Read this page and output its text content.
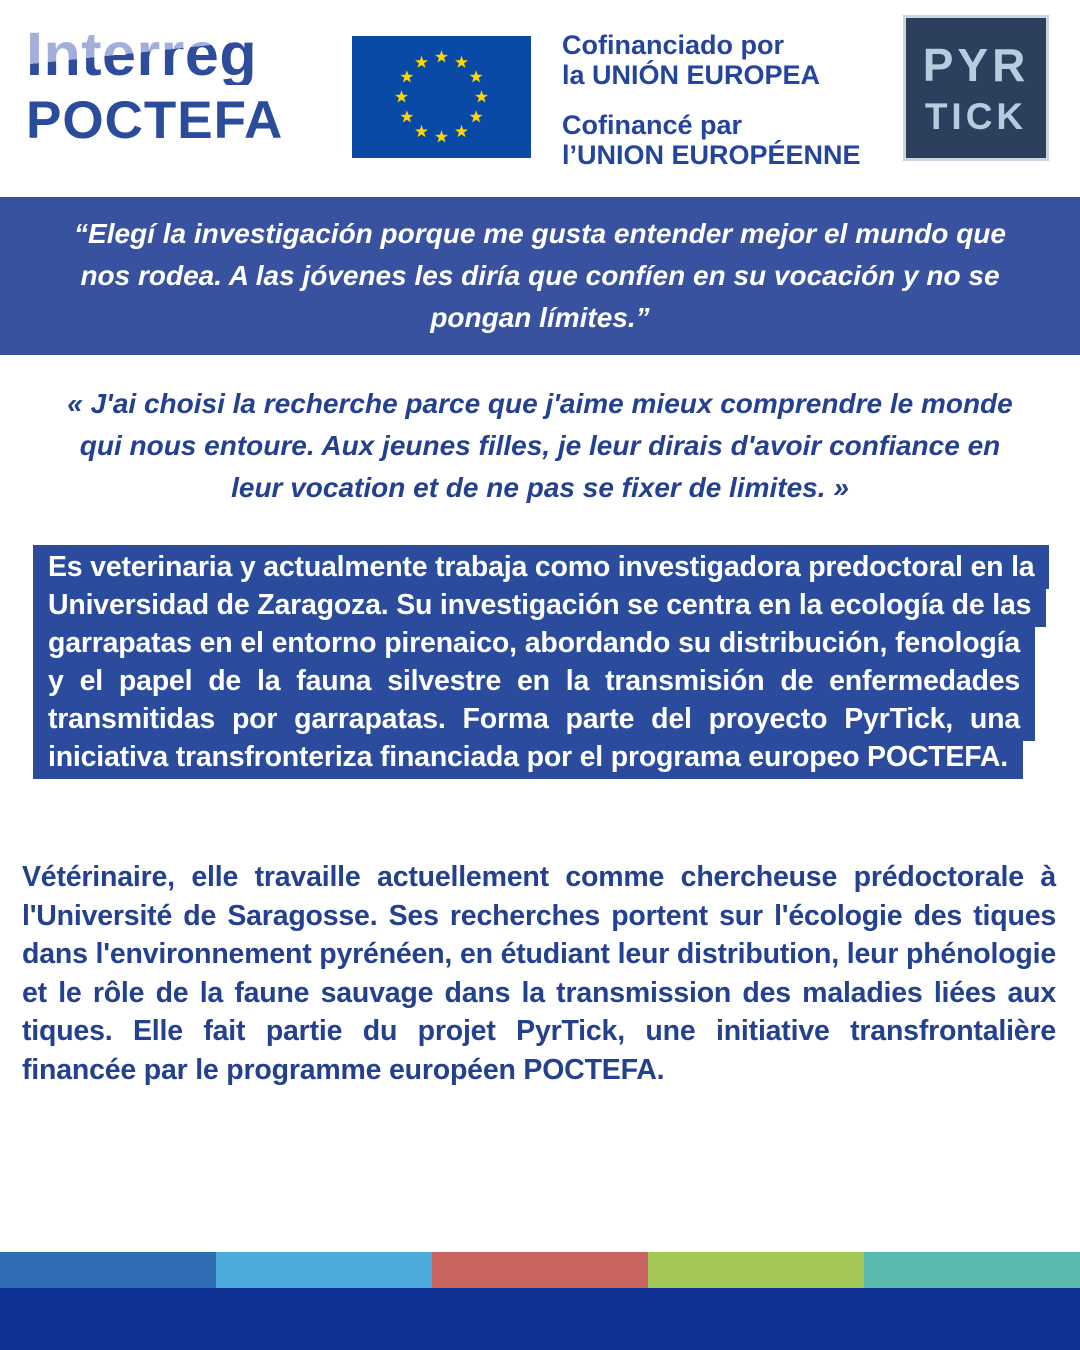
Interreg
POCTEFA
Cofinanciado por
la UNIÓN EUROPEA
Cofinancé par
l’UNION EUROPÉENNE
PYR
TICK

“Elegí la investigación porque me gusta entender mejor el mundo que nos rodea. A las jóvenes les diría que confíen en su vocación y no se pongan límites.”

« J'ai choisi la recherche parce que j'aime mieux comprendre le monde qui nous entoure. Aux jeunes filles, je leur dirais d'avoir confiance en leur vocation et de ne pas se fixer de limites. »

Es veterinaria y actualmente trabaja como investigadora predoctoral en la Universidad de Zaragoza. Su investigación se centra en la ecología de las garrapatas en el entorno pirenaico, abordando su distribución, fenología y el papel de la fauna silvestre en la transmisión de enfermedades transmitidas por garrapatas. Forma parte del proyecto PyrTick, una iniciativa transfronteriza financiada por el programa europeo POCTEFA.

Vétérinaire, elle travaille actuellement comme chercheuse prédoctorale à l'Université de Saragosse. Ses recherches portent sur l'écologie des tiques dans l'environnement pyrénéen, en étudiant leur distribution, leur phénologie et le rôle de la faune sauvage dans la transmission des maladies liées aux tiques. Elle fait partie du projet PyrTick, une initiative transfrontalière financée par le programme européen POCTEFA.
